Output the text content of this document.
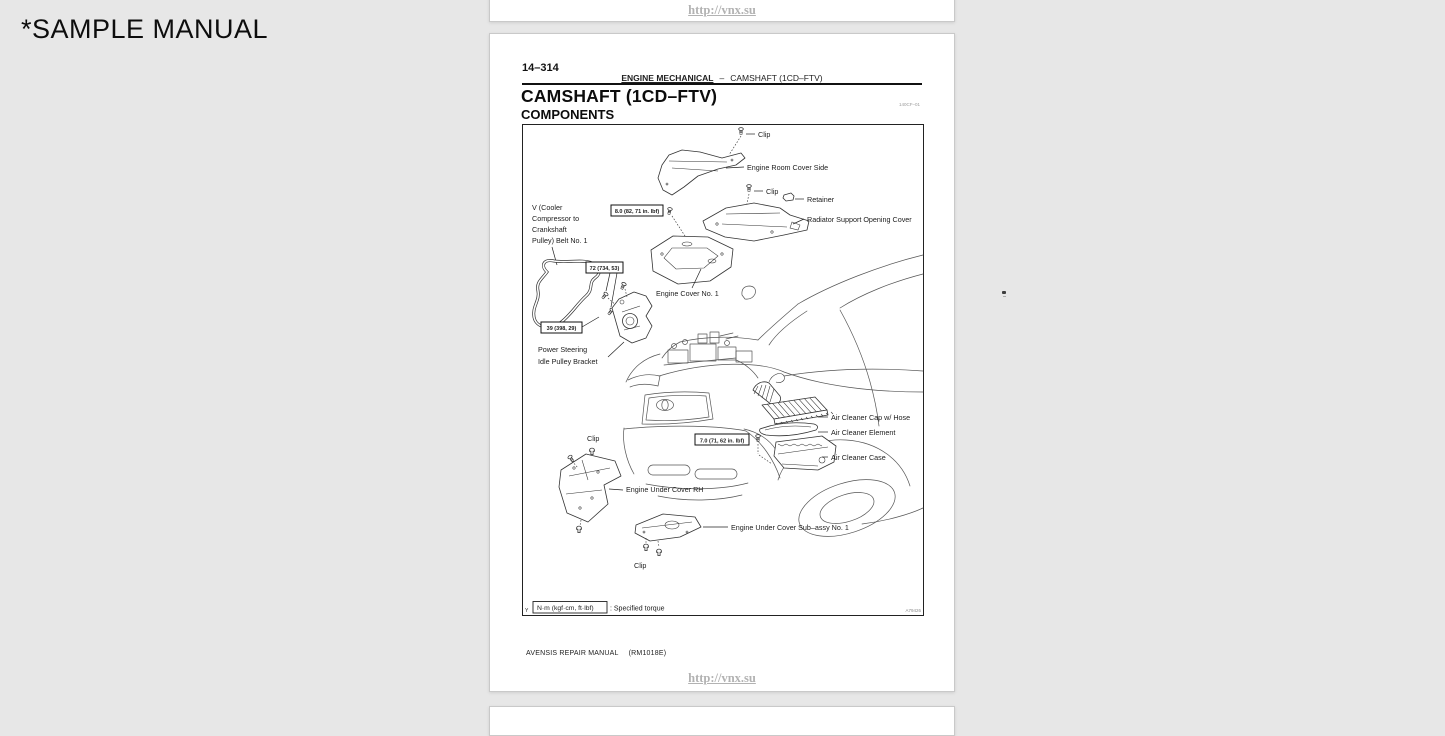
*SAMPLE MANUAL
http://vnx.su
14–314
ENGINE MECHANICAL – CAMSHAFT (1CD–FTV)
CAMSHAFT (1CD–FTV)	140CF–01
COMPONENTS
Clip
Engine Room Cover Side
Clip
Retainer
Radiator Support Opening Cover
8.0 (82, 71 in. lbf)
V (Cooler
Compressor to
Crankshaft
Pulley) Belt No. 1
72 (734, 53)
39 (398, 29)
Power Steering
Idle Pulley Bracket
Engine Cover No. 1
Air Cleaner Cap w/ Hose
Air Cleaner Element
Air Cleaner Case
7.0 (71, 62 in. lbf)
Clip
Engine Under Cover RH
Engine Under Cover Sub–assy No. 1
Clip
Y N·m (kgf·cm, ft·lbf) : Specified torque	A79426
AVENSIS REPAIR MANUAL (RM1018E)
http://vnx.su
